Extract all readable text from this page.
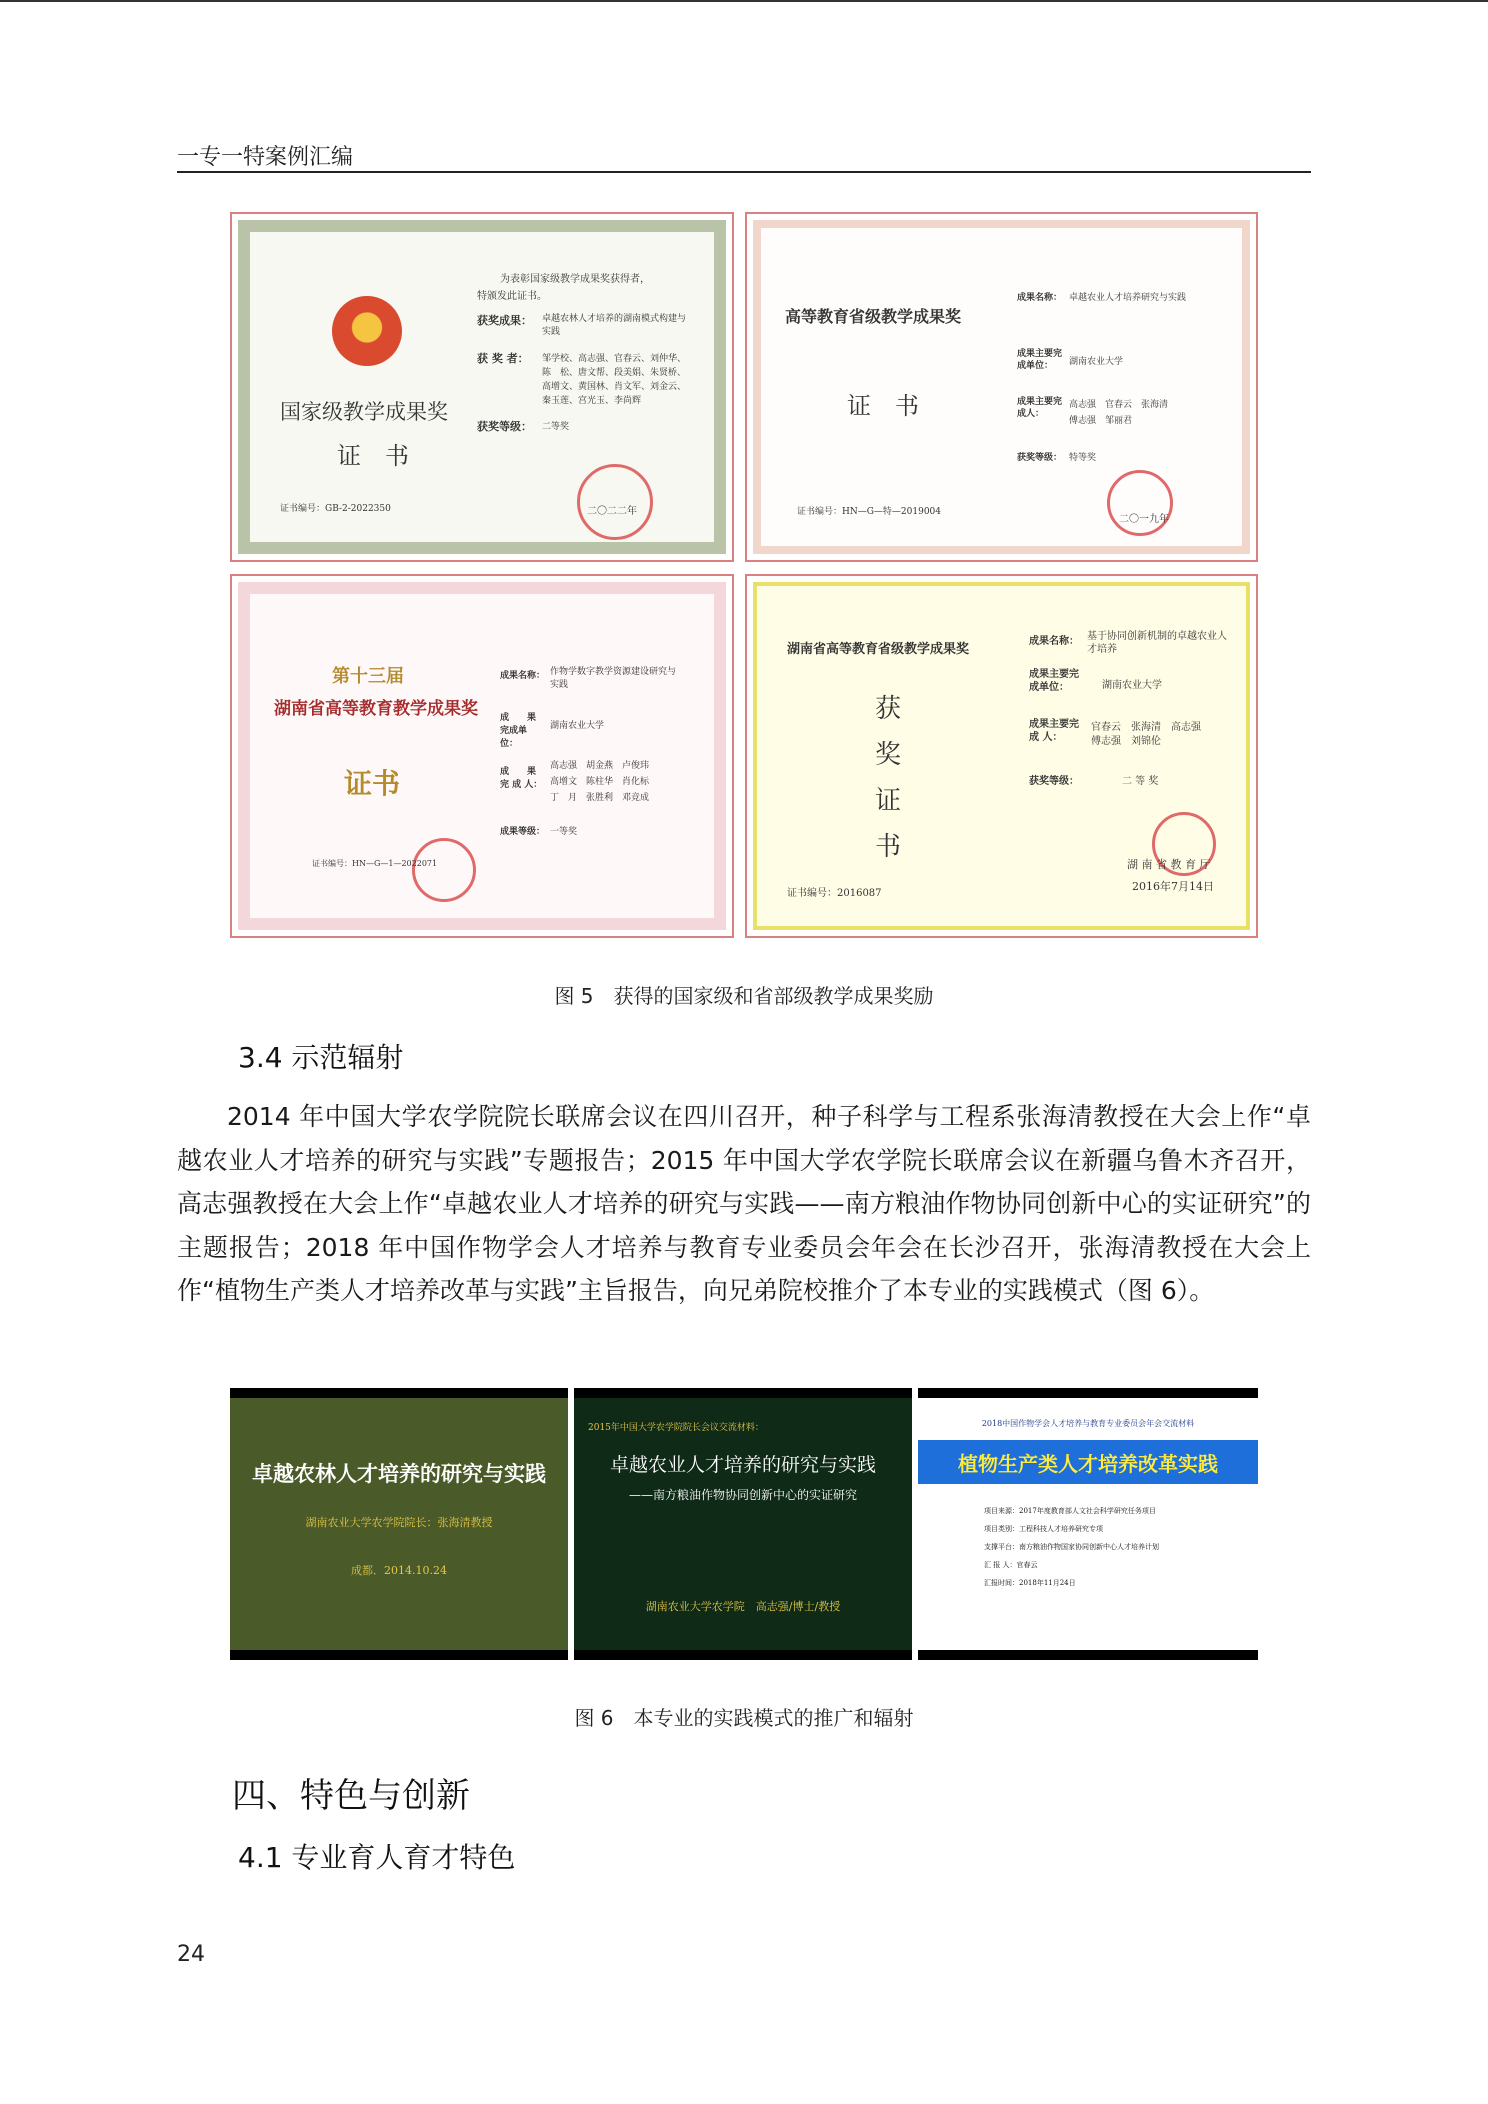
一专一特案例汇编
为表彰国家级教学成果奖获得者，
特颁发此证书。
获奖成果： 卓越农林人才培养的湖南模式构建与实践
获 奖 者： 邹学校、高志强、官春云、刘仲华、
陈　松、唐文帮、段美娟、朱贤桥、
高增文、黄国林、肖文军、刘金云、
秦玉莲、宫光玉、李尚辉
国家级教学成果奖
证　书
获奖等级： 二等奖
二〇二二年
证书编号：GB-2-2022350
高等教育省级教学成果奖
证　书
成果名称： 卓越农业人才培养研究与实践
成果主要完成单位：	湖南农业大学
成果主要完成人：
高志强　官春云　张海清
傅志强　邹丽君
获奖等级： 特等奖
二〇一九年
证书编号：HN—G—特—2019004
第十三届
湖南省高等教育教学成果奖
证书
成果名称： 作物学数字教学资源建设研究与实践
成　　果完成单位：
湖南农业大学
成　　果完 成 人：
高志强　胡金燕　卢俊玮
高增文　陈柱华　肖化标
丁　月　张胜利　邓竞成
成果等级： 一等奖
证书编号：HN—G—1—2022071
湖南省高等教育省级教学成果奖
获
奖
证
书
成果名称： 基于协同创新机制的卓越农业人才培养
成果主要完成单位：	湖南农业大学
成果主要完 成 人：
官春云　张海清　高志强
傅志强　刘锦伦
获奖等级：	二 等 奖
湖 南 省 教 育 厅
2016年7月14日
证书编号：2016087
图 5　获得的国家级和省部级教学成果奖励
3.4 示范辐射

2014 年中国大学农学院院长联席会议在四川召开，种子科学与工程系张海清教授在大会上作“卓越农业人才培养的研究与实践”专题报告；2015 年中国大学农学院长联席会议在新疆乌鲁木齐召开，高志强教授在大会上作“卓越农业人才培养的研究与实践——南方粮油作物协同创新中心的实证研究”的主题报告；2018 年中国作物学会人才培养与教育专业委员会年会在长沙召开，张海清教授在大会上作“植物生产类人才培养改革与实践”主旨报告，向兄弟院校推介了本专业的实践模式（图 6）。

卓越农林人才培养的研究与实践
湖南农业大学农学院院长：张海清教授
成都．2014.10.24
2015年中国大学农学院院长会议交流材料：
卓越农业人才培养的研究与实践
——南方粮油作物协同创新中心的实证研究
湖南农业大学农学院　高志强/博士/教授
2018中国作物学会人才培养与教育专业委员会年会交流材料
植物生产类人才培养改革实践
项目来源：2017年度教育部人文社会科学研究任务项目
项目类别：工程科技人才培养研究专项
支撑平台：南方粮油作物国家协同创新中心人才培养计划
汇 报 人：官春云
汇报时间：2018年11月24日
图 6　本专业的实践模式的推广和辐射
四、特色与创新
4.1 专业育人育才特色
24
